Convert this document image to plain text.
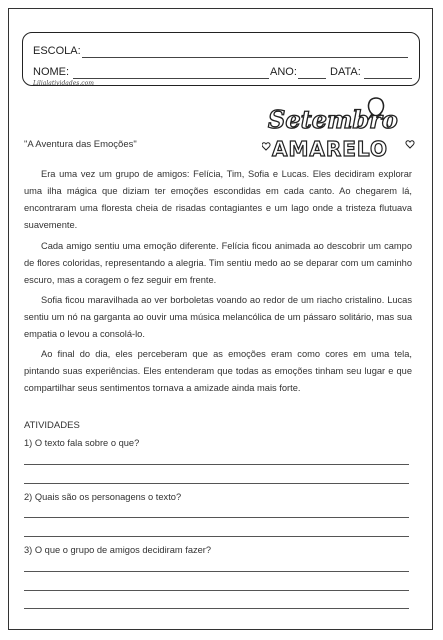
ESCOLA:
NOME:	ANO:	DATA:
Lilialatividades.com
Setembro
AMARELO
"A Aventura das Emoções"

Era uma vez um grupo de amigos: Felícia, Tim, Sofia e Lucas. Eles decidiram explorar uma ilha mágica que diziam ter emoções escondidas em cada canto. Ao chegarem lá, encontraram uma floresta cheia de risadas contagiantes e um lago onde a tristeza flutuava suavemente.

Cada amigo sentiu uma emoção diferente. Felícia ficou animada ao descobrir um campo de flores coloridas, representando a alegria. Tim sentiu medo ao se deparar com um caminho escuro, mas a coragem o fez seguir em frente.

Sofia ficou maravilhada ao ver borboletas voando ao redor de um riacho cristalino. Lucas sentiu um nó na garganta ao ouvir uma música melancólica de um pássaro solitário, mas sua empatia o levou a consolá-lo.

Ao final do dia, eles perceberam que as emoções eram como cores em uma tela, pintando suas experiências. Eles entenderam que todas as emoções tinham seu lugar e que compartilhar seus sentimentos tornava a amizade ainda mais forte.

ATIVIDADES
1) O texto fala sobre o que?
2) Quais são os personagens o texto?
3) O que o grupo de amigos decidiram fazer?
